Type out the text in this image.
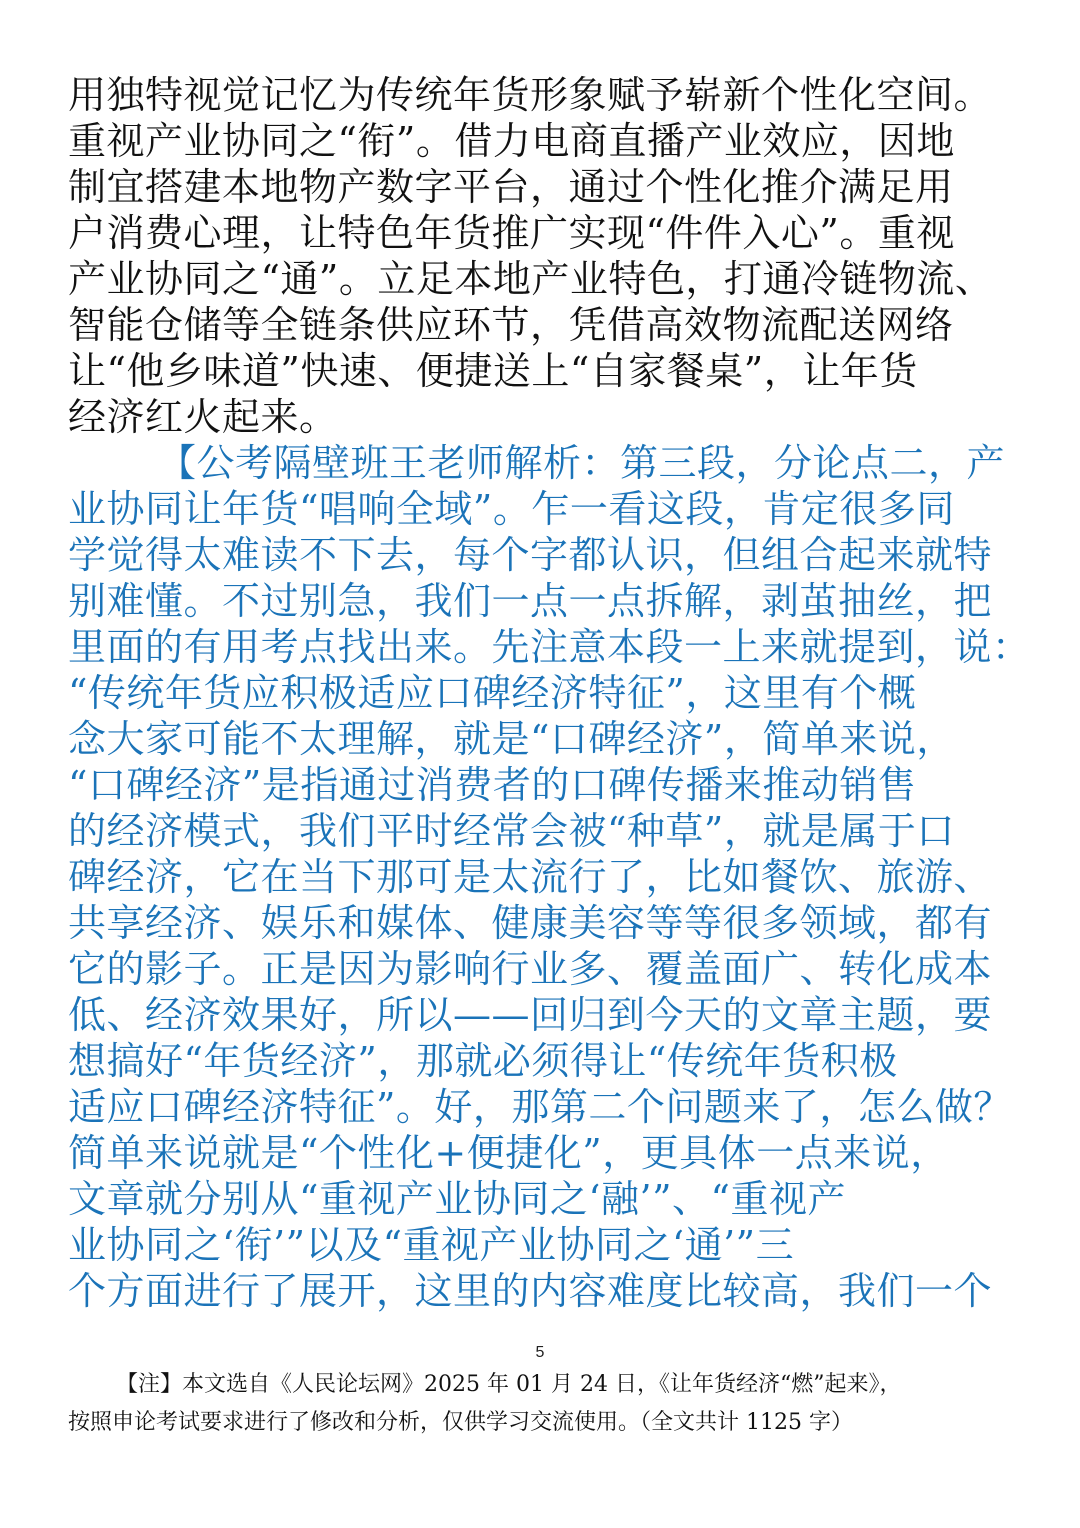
用独特视觉记忆为传统年货形象赋予崭新个性化空间。
重视产业协同之“衔”。借力电商直播产业效应，因地
制宜搭建本地物产数字平台，通过个性化推介满足用
户消费心理，让特色年货推广实现“件件入心”。重视
产业协同之“通”。立足本地产业特色，打通冷链物流、
智能仓储等全链条供应环节，凭借高效物流配送网络
让“他乡味道”快速、便捷送上“自家餐桌”，让年货
经济红火起来。
【公考隔壁班王老师解析：第三段，分论点二，产
业协同让年货“唱响全域”。乍一看这段，肯定很多同
学觉得太难读不下去，每个字都认识，但组合起来就特
别难懂。不过别急，我们一点一点拆解，剥茧抽丝，把
里面的有用考点找出来。先注意本段一上来就提到，说：
“传统年货应积极适应口碑经济特征”，这里有个概
念大家可能不太理解，就是“口碑经济”，简单来说，
“口碑经济”是指通过消费者的口碑传播来推动销售
的经济模式，我们平时经常会被“种草”，就是属于口
碑经济，它在当下那可是太流行了，比如餐饮、旅游、
共享经济、娱乐和媒体、健康美容等等很多领域，都有
它的影子。正是因为影响行业多、覆盖面广、转化成本
低、经济效果好，所以——回归到今天的文章主题，要
想搞好“年货经济”，那就必须得让“传统年货积极
适应口碑经济特征”。好，那第二个问题来了，怎么做？
简单来说就是“个性化+便捷化”，更具体一点来说，
文章就分别从“重视产业协同之‘融’”、“重视产
业协同之‘衔’”以及“重视产业协同之‘通’”三
个方面进行了展开，这里的内容难度比较高，我们一个
5
【注】本文选自《人民论坛网》2025 年 01 月 24 日，《让年货经济“燃”起来》，
按照申论考试要求进行了修改和分析，仅供学习交流使用。（全文共计 1125 字）
